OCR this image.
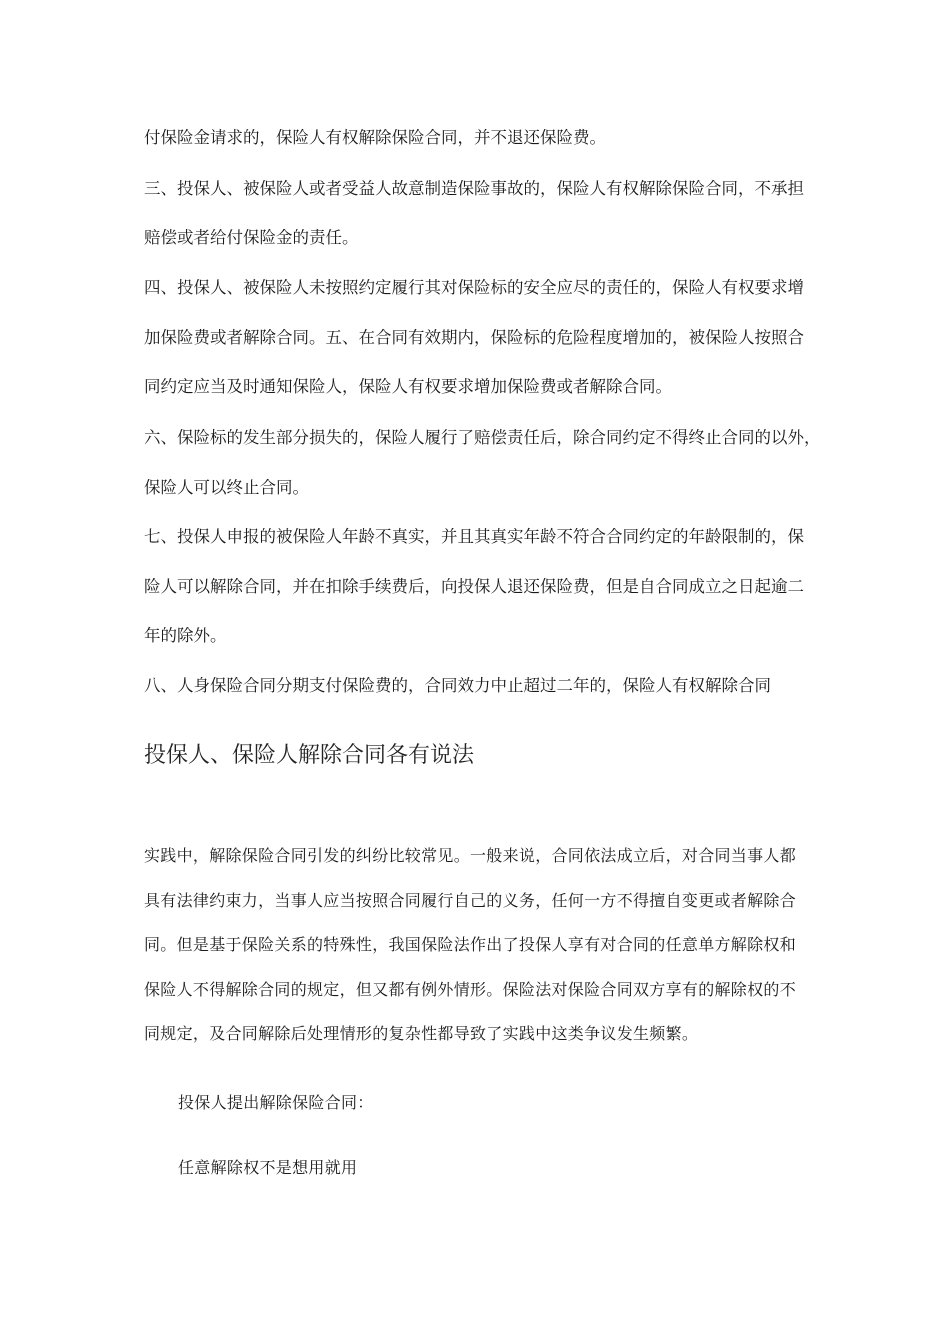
付保险金请求的，保险人有权解除保险合同，并不退还保险费。
三、投保人、被保险人或者受益人故意制造保险事故的，保险人有权解除保险合同，不承担
赔偿或者给付保险金的责任。
四、投保人、被保险人未按照约定履行其对保险标的安全应尽的责任的，保险人有权要求增
加保险费或者解除合同。五、在合同有效期内，保险标的危险程度增加的，被保险人按照合
同约定应当及时通知保险人，保险人有权要求增加保险费或者解除合同。
六、保险标的发生部分损失的，保险人履行了赔偿责任后，除合同约定不得终止合同的以外，
保险人可以终止合同。
七、投保人申报的被保险人年龄不真实，并且其真实年龄不符合合同约定的年龄限制的，保
险人可以解除合同，并在扣除手续费后，向投保人退还保险费，但是自合同成立之日起逾二
年的除外。
八、人身保险合同分期支付保险费的，合同效力中止超过二年的，保险人有权解除合同
投保人、保险人解除合同各有说法
实践中，解除保险合同引发的纠纷比较常见。一般来说，合同依法成立后，对合同当事人都
具有法律约束力，当事人应当按照合同履行自己的义务，任何一方不得擅自变更或者解除合
同。但是基于保险关系的特殊性，我国保险法作出了投保人享有对合同的任意单方解除权和
保险人不得解除合同的规定，但又都有例外情形。保险法对保险合同双方享有的解除权的不
同规定，及合同解除后处理情形的复杂性都导致了实践中这类争议发生频繁。
投保人提出解除保险合同：
任意解除权不是想用就用
